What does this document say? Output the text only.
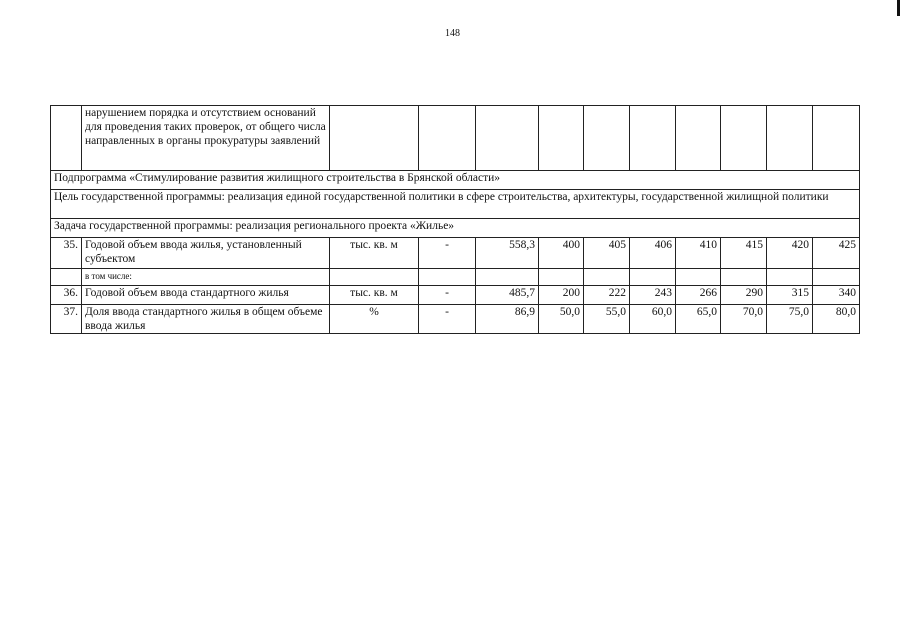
148
	нарушением порядка и отсутствием оснований для проведения таких проверок, от общего числа направленных в органы прокуратуры заявлений										
Подпрограмма «Стимулирование развития жилищного строительства в Брянской области»											
Цель государственной программы: реализация единой государственной политики в сфере строительства, архитектуры, государственной жилищной политики											
Задача государственной программы: реализация регионального проекта «Жилье»											
35.	Годовой объем ввода жилья, установленный субъектом	тыс. кв. м	-	558,3	400	405	406	410	415	420	425
	в том числе:										
36.	Годовой объем ввода стандартного жилья	тыс. кв. м	-	485,7	200	222	243	266	290	315	340
37.	Доля ввода стандартного жилья в общем объеме ввода жилья	%	-	86,9	50,0	55,0	60,0	65,0	70,0	75,0	80,0
